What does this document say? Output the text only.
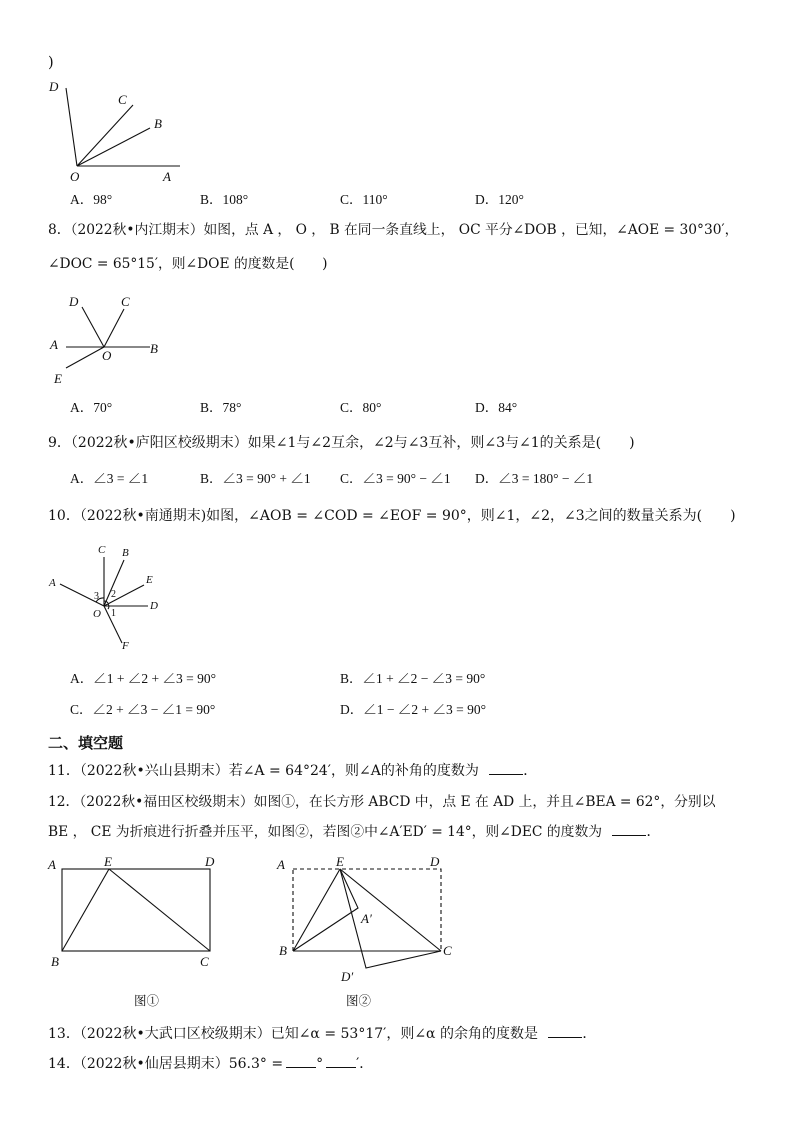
)
D
C
B
O	A
A．98°	B．108°	C．110°	D．120°
8．（2022秋•内江期末）如图，点 A ， O ， B 在同一条直线上， OC 平分∠DOB ，已知，∠AOE = 30°30′，
∠DOC = 65°15′，则∠DOE 的度数是(　　)
D	C
A
O	B
E
A．70°	B．78°	C．80°	D．84°
9．（2022秋•庐阳区校级期末）如果∠1与∠2互余，∠2与∠3互补，则∠3与∠1的关系是(　　)
A．∠3 = ∠1	B．∠3 = 90° + ∠1 C．∠3 = 90° − ∠1 D．∠3 = 180° − ∠1
10．（2022秋•南通期末)如图，∠AOB = ∠COD = ∠EOF = 90°，则∠1，∠2，∠3之间的数量关系为(　　)
C B
A	E
D
O
F
1
2
3
A．∠1 + ∠2 + ∠3 = 90°	B．∠1 + ∠2 − ∠3 = 90°
C．∠2 + ∠3 − ∠1 = 90°	D．∠1 − ∠2 + ∠3 = 90°
二、填空题
11．（2022秋•兴山县期末）若∠A = 64°24′，则∠A的补角的度数为	．
12．（2022秋•福田区校级期末）如图①，在长方形 ABCD 中，点 E 在 AD 上，并且∠BEA = 62°，分别以
BE ， CE 为折痕进行折叠并压平，如图②，若图②中∠A′ED′ = 14°，则∠DEC 的度数为	．
A	E	D
B	C
图①
A	E	D
A′
B	C
D′
图②
13．（2022秋•大武口区校级期末）已知∠α = 53°17′，则∠α 的余角的度数是	．
14．（2022秋•仙居县期末）56.3° = ° ′．
